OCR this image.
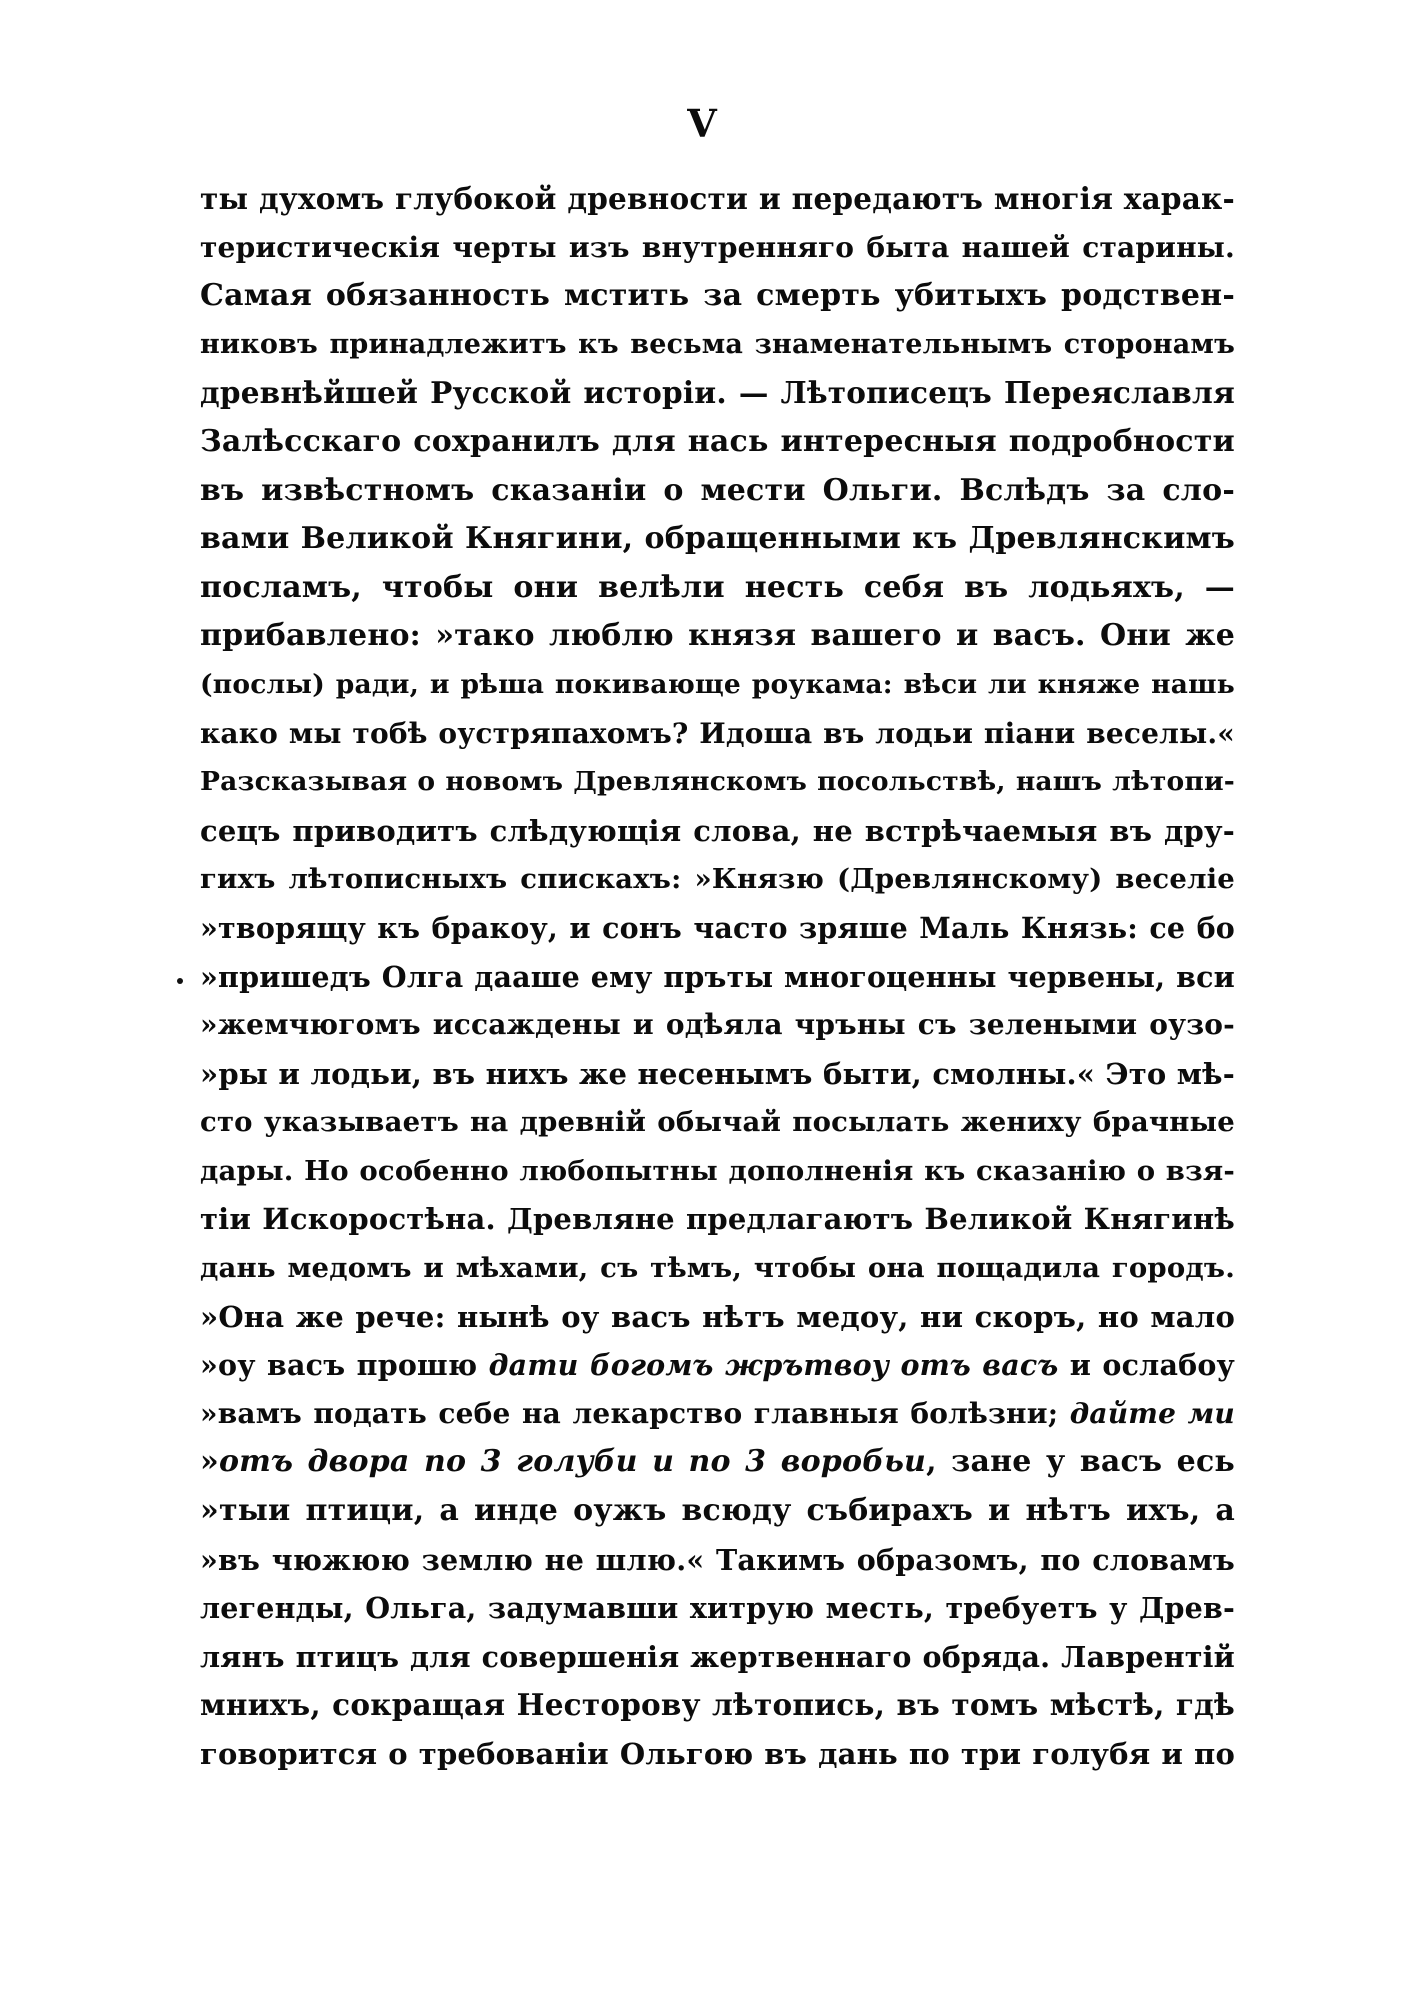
V
ты духомъ глубокой древности и передаютъ многія харак-
теристическія черты изъ внутренняго быта нашей старины.
Самая обязанность мстить за смерть убитыхъ родствен-
никовъ принадлежитъ къ весьма знаменательнымъ сторонамъ
древнѣйшей Русской исторіи. — Лѣтописецъ Переяславля
Залѣсскаго сохранилъ для нась интересныя подробности
въ извѣстномъ сказаніи о мести Ольги. Вслѣдъ за сло-
вами Великой Княгини, обращенными къ Древлянскимъ
посламъ, чтобы они велѣли несть себя въ лодьяхъ, —
прибавлено: »тако люблю князя вашего и васъ. Они же
(послы) ради, и рѣша покивающе роукама: вѣси ли княже нашь
како мы тобѣ оустряпахомъ? Идоша въ лодьи піани веселы.«
Разсказывая о новомъ Древлянскомъ посольствѣ, нашъ лѣтопи-
сецъ приводитъ слѣдующія слова, не встрѣчаемыя въ дру-
гихъ лѣтописныхъ спискахъ: »Князю (Древлянскому) веселіе
»творящу къ бракоу, и сонъ часто зряше Маль Князь: се бо
»пришедъ Олга дааше ему пръты многоценны червены, вси
»жемчюгомъ иссаждены и одѣяла чръны съ зелеными оузо-
»ры и лодьи, въ нихъ же несенымъ быти, смолны.« Это мѣ-
сто указываетъ на древній обычай посылать жениху брачные
дары. Но особенно любопытны дополненія къ сказанію о взя-
тіи Искоростѣна. Древляне предлагаютъ Великой Княгинѣ
дань медомъ и мѣхами, съ тѣмъ, чтобы она пощадила городъ.
»Она же рече: нынѣ оу васъ нѣтъ медоу, ни скоръ, но мало
»оу васъ прошю дати богомъ жрътвоу отъ васъ и ослабоу
»вамъ подать себе на лекарство главныя болѣзни; дайте ми
»отъ двора по 3 голуби и по 3 воробьи, зане у васъ есь
»тыи птици, а инде оужъ всюду събирахъ и нѣтъ ихъ, а
»въ чюжюю землю не шлю.« Такимъ образомъ, по словамъ
легенды, Ольга, задумавши хитрую месть, требуетъ у Древ-
лянъ птицъ для совершенія жертвеннаго обряда. Лаврентій
мнихъ, сокращая Несторову лѣтопись, въ томъ мѣстѣ, гдѣ
говорится о требованіи Ольгою въ дань по три голубя и по
